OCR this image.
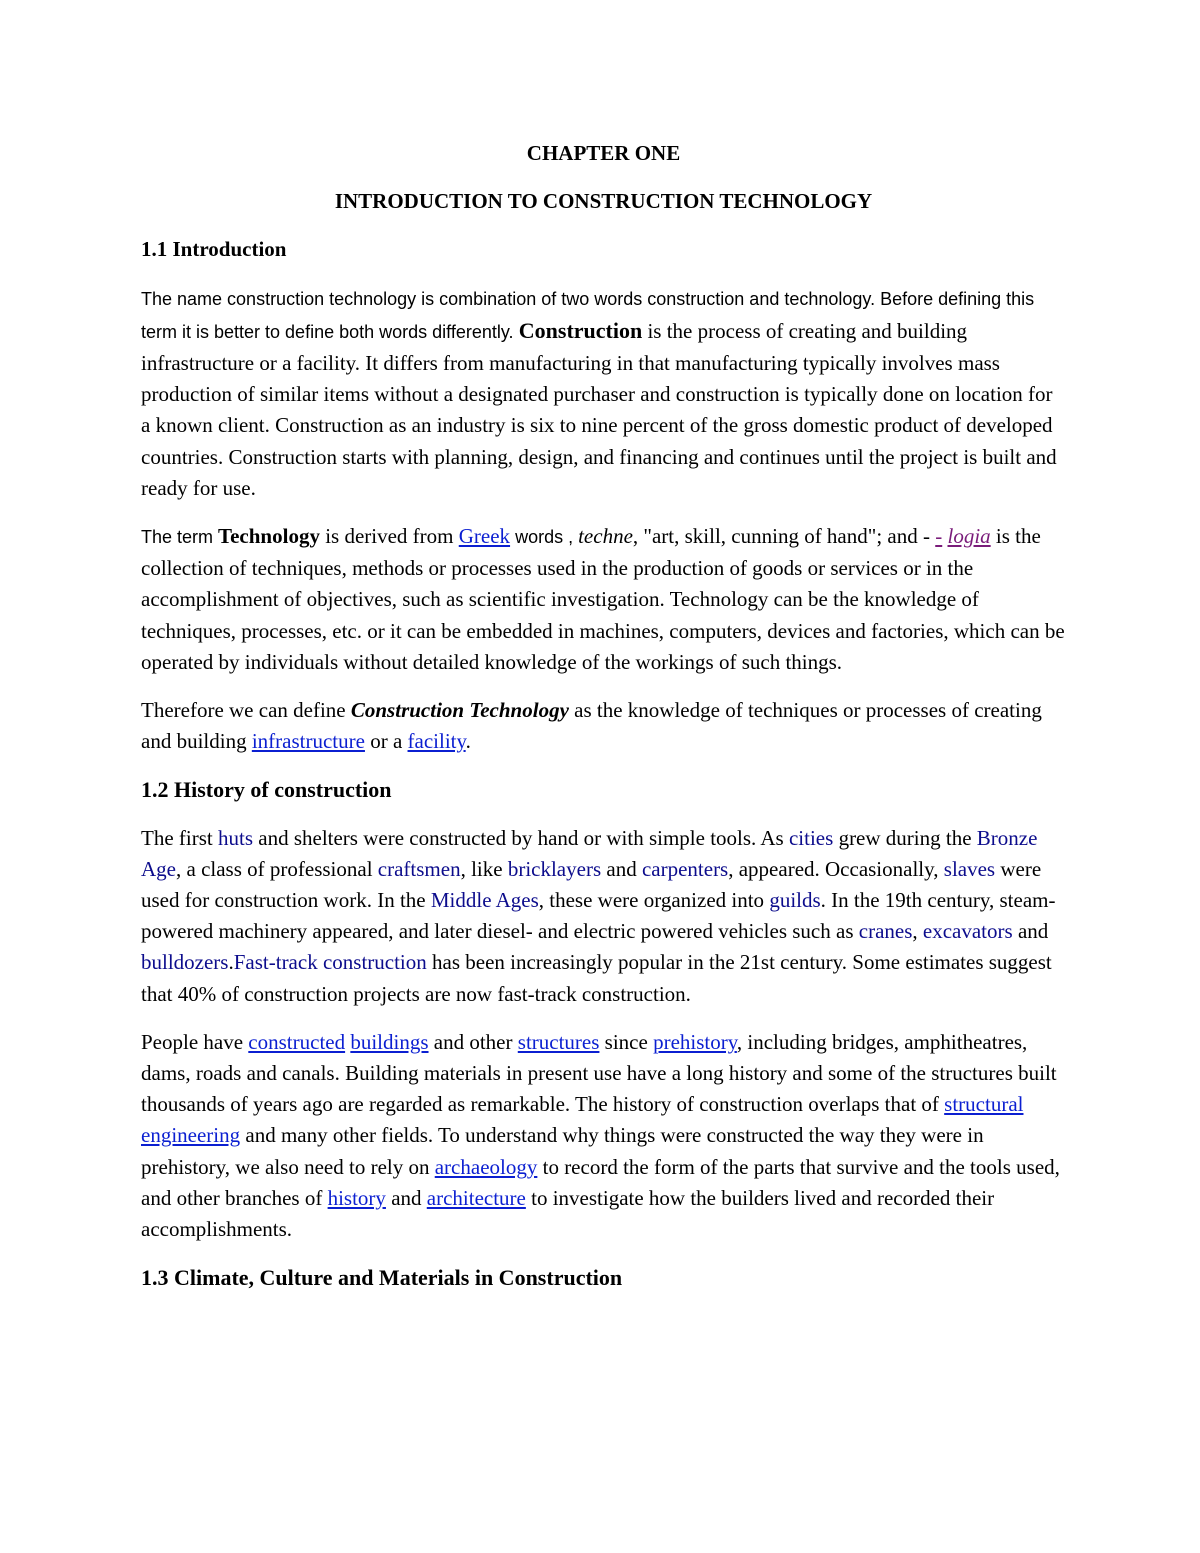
CHAPTER ONE

INTRODUCTION TO CONSTRUCTION TECHNOLOGY

1.1 Introduction

The name construction technology is combination of two words construction and technology. Before defining this term it is better to define both words differently. Construction is the process of creating and building infrastructure or a facility. It differs from manufacturing in that manufacturing typically involves mass production of similar items without a designated purchaser and construction is typically done on location for a known client. Construction as an industry is six to nine percent of the gross domestic product of developed countries. Construction starts with planning, design, and financing and continues until the project is built and ready for use.

The term Technology is derived from Greek words , techne, "art, skill, cunning of hand"; and - - logia is the collection of techniques, methods or processes used in the production of goods or services or in the accomplishment of objectives, such as scientific investigation. Technology can be the knowledge of techniques, processes, etc. or it can be embedded in machines, computers, devices and factories, which can be operated by individuals without detailed knowledge of the workings of such things.

Therefore we can define Construction Technology as the knowledge of techniques or processes of creating and building infrastructure or a facility.

1.2 History of construction

The first huts and shelters were constructed by hand or with simple tools. As cities grew during the Bronze Age, a class of professional craftsmen, like bricklayers and carpenters, appeared. Occasionally, slaves were used for construction work. In the Middle Ages, these were organized into guilds. In the 19th century, steam-powered machinery appeared, and later diesel- and electric powered vehicles such as cranes, excavators and bulldozers.Fast-track construction has been increasingly popular in the 21st century. Some estimates suggest that 40% of construction projects are now fast-track construction.

People have constructed buildings and other structures since prehistory, including bridges, amphitheatres, dams, roads and canals. Building materials in present use have a long history and some of the structures built thousands of years ago are regarded as remarkable. The history of construction overlaps that of structural engineering and many other fields. To understand why things were constructed the way they were in prehistory, we also need to rely on archaeology to record the form of the parts that survive and the tools used, and other branches of history and architecture to investigate how the builders lived and recorded their accomplishments.

1.3 Climate, Culture and Materials in Construction
